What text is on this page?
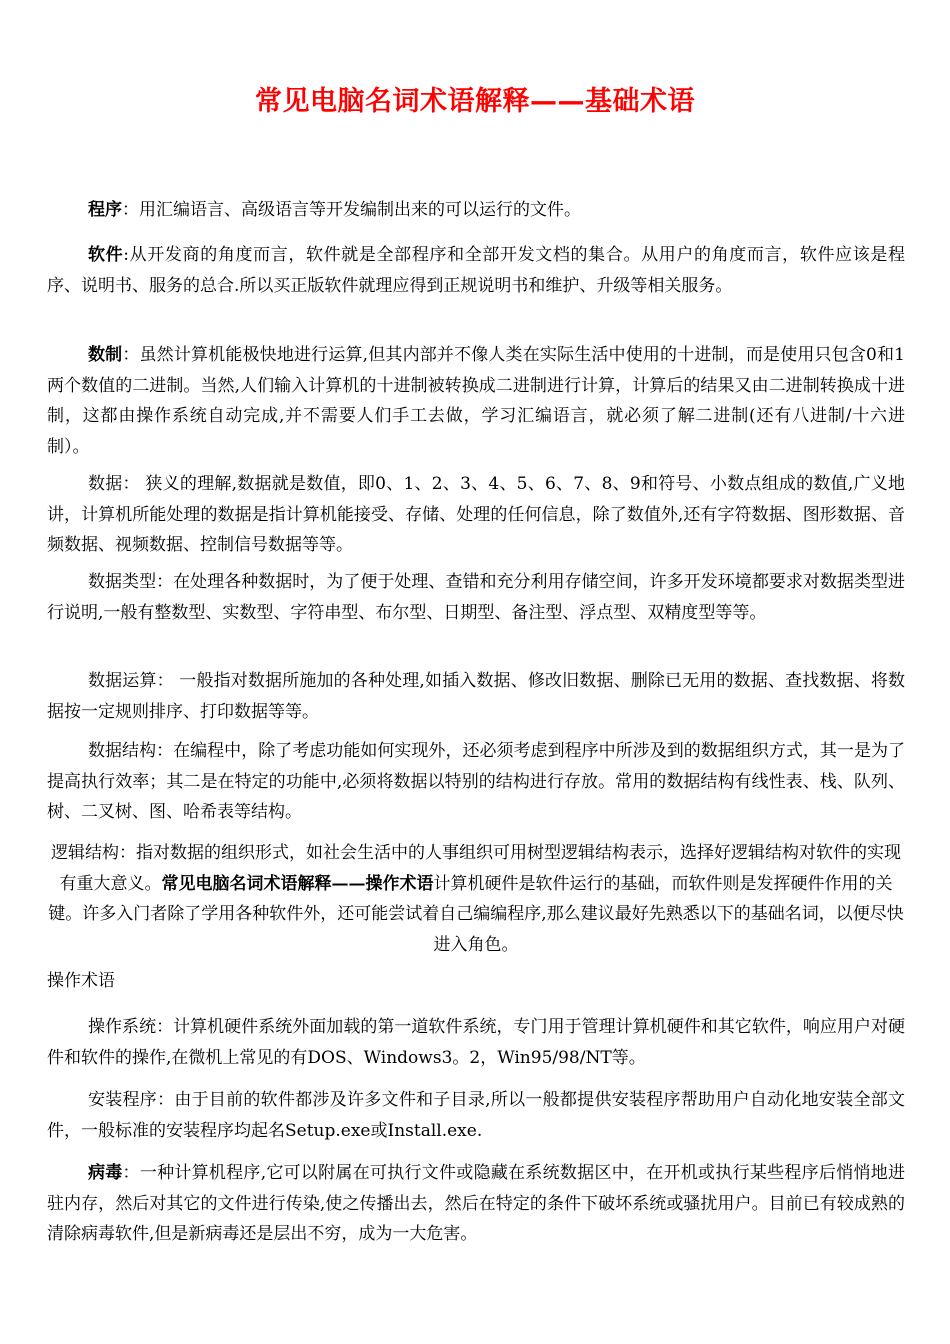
常见电脑名词术语解释——基础术语

程序：用汇编语言、高级语言等开发编制出来的可以运行的文件。

软件:从开发商的角度而言，软件就是全部程序和全部开发文档的集合。从用户的角度而言，软件应该是程序、说明书、服务的总合.所以买正版软件就理应得到正规说明书和维护、升级等相关服务。

数制：虽然计算机能极快地进行运算,但其内部并不像人类在实际生活中使用的十进制，而是使用只包含0和1两个数值的二进制。当然,人们输入计算机的十进制被转换成二进制进行计算，计算后的结果又由二进制转换成十进制，这都由操作系统自动完成,并不需要人们手工去做，学习汇编语言，就必须了解二进制(还有八进制/十六进制）。

数据： 狭义的理解,数据就是数值，即0、1、2、3、4、5、6、7、8、9和符号、小数点组成的数值,广义地讲，计算机所能处理的数据是指计算机能接受、存储、处理的任何信息，除了数值外,还有字符数据、图形数据、音频数据、视频数据、控制信号数据等等。

数据类型：在处理各种数据时，为了便于处理、查错和充分利用存储空间，许多开发环境都要求对数据类型进行说明,一般有整数型、实数型、字符串型、布尔型、日期型、备注型、浮点型、双精度型等等。

数据运算： 一般指对数据所施加的各种处理,如插入数据、修改旧数据、删除已无用的数据、查找数据、将数据按一定规则排序、打印数据等等。

数据结构：在编程中，除了考虑功能如何实现外，还必须考虑到程序中所涉及到的数据组织方式，其一是为了提高执行效率；其二是在特定的功能中,必须将数据以特别的结构进行存放。常用的数据结构有线性表、栈、队列、树、二叉树、图、哈希表等结构。

逻辑结构：指对数据的组织形式，如社会生活中的人事组织可用树型逻辑结构表示，选择好逻辑结构对软件的实现有重大意义。常见电脑名词术语解释——操作术语计算机硬件是软件运行的基础，而软件则是发挥硬件作用的关键。许多入门者除了学用各种软件外，还可能尝试着自己编编程序,那么建议最好先熟悉以下的基础名词，以便尽快进入角色。

操作术语

操作系统：计算机硬件系统外面加载的第一道软件系统，专门用于管理计算机硬件和其它软件，响应用户对硬件和软件的操作,在微机上常见的有DOS、Windows3。2，Win95/98/NT等。

安装程序：由于目前的软件都涉及许多文件和子目录,所以一般都提供安装程序帮助用户自动化地安装全部文件，一般标准的安装程序均起名Setup.exe或Install.exe.

病毒：一种计算机程序,它可以附属在可执行文件或隐藏在系统数据区中，在开机或执行某些程序后悄悄地进驻内存，然后对其它的文件进行传染,使之传播出去，然后在特定的条件下破坏系统或骚扰用户。目前已有较成熟的清除病毒软件,但是新病毒还是层出不穷，成为一大危害。
